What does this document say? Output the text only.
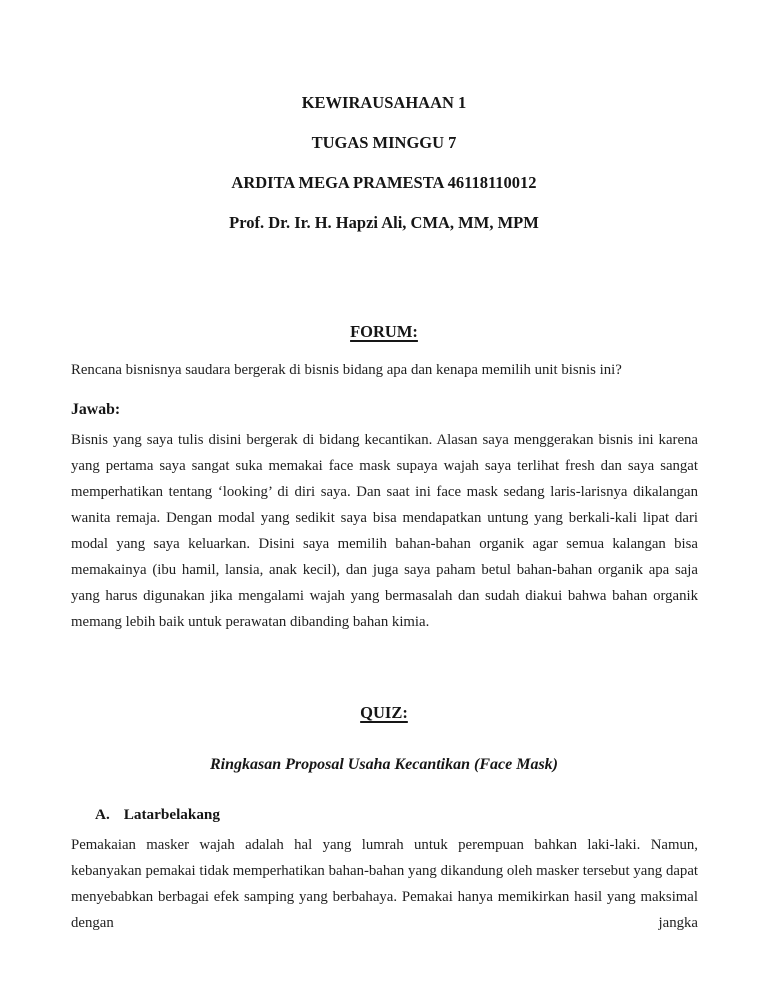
KEWIRAUSAHAAN 1
TUGAS MINGGU 7
ARDITA MEGA PRAMESTA 46118110012
Prof. Dr. Ir. H. Hapzi Ali, CMA, MM, MPM
FORUM:
Rencana bisnisnya saudara bergerak di bisnis bidang apa dan kenapa memilih unit bisnis ini?
Jawab:
Bisnis yang saya tulis disini bergerak di bidang kecantikan. Alasan saya menggerakan bisnis ini karena yang pertama saya sangat suka memakai face mask supaya wajah saya terlihat fresh dan saya sangat memperhatikan tentang ‘looking’ di diri saya. Dan saat ini face mask sedang laris-larisnya dikalangan wanita remaja. Dengan modal yang sedikit saya bisa mendapatkan untung yang berkali-kali lipat dari modal yang saya keluarkan. Disini saya memilih bahan-bahan organik agar semua kalangan bisa memakainya (ibu hamil, lansia, anak kecil), dan juga saya paham betul bahan-bahan organik apa saja yang harus digunakan jika mengalami wajah yang bermasalah dan sudah diakui bahwa bahan organik memang lebih baik untuk perawatan dibanding bahan kimia.
QUIZ:
Ringkasan Proposal Usaha Kecantikan (Face Mask)
A. Latarbelakang
Pemakaian masker wajah adalah hal yang lumrah untuk perempuan bahkan laki-laki. Namun, kebanyakan pemakai tidak memperhatikan bahan-bahan yang dikandung oleh masker tersebut yang dapat menyebabkan berbagai efek samping yang berbahaya. Pemakai hanya memikirkan hasil yang maksimal dengan jangka
